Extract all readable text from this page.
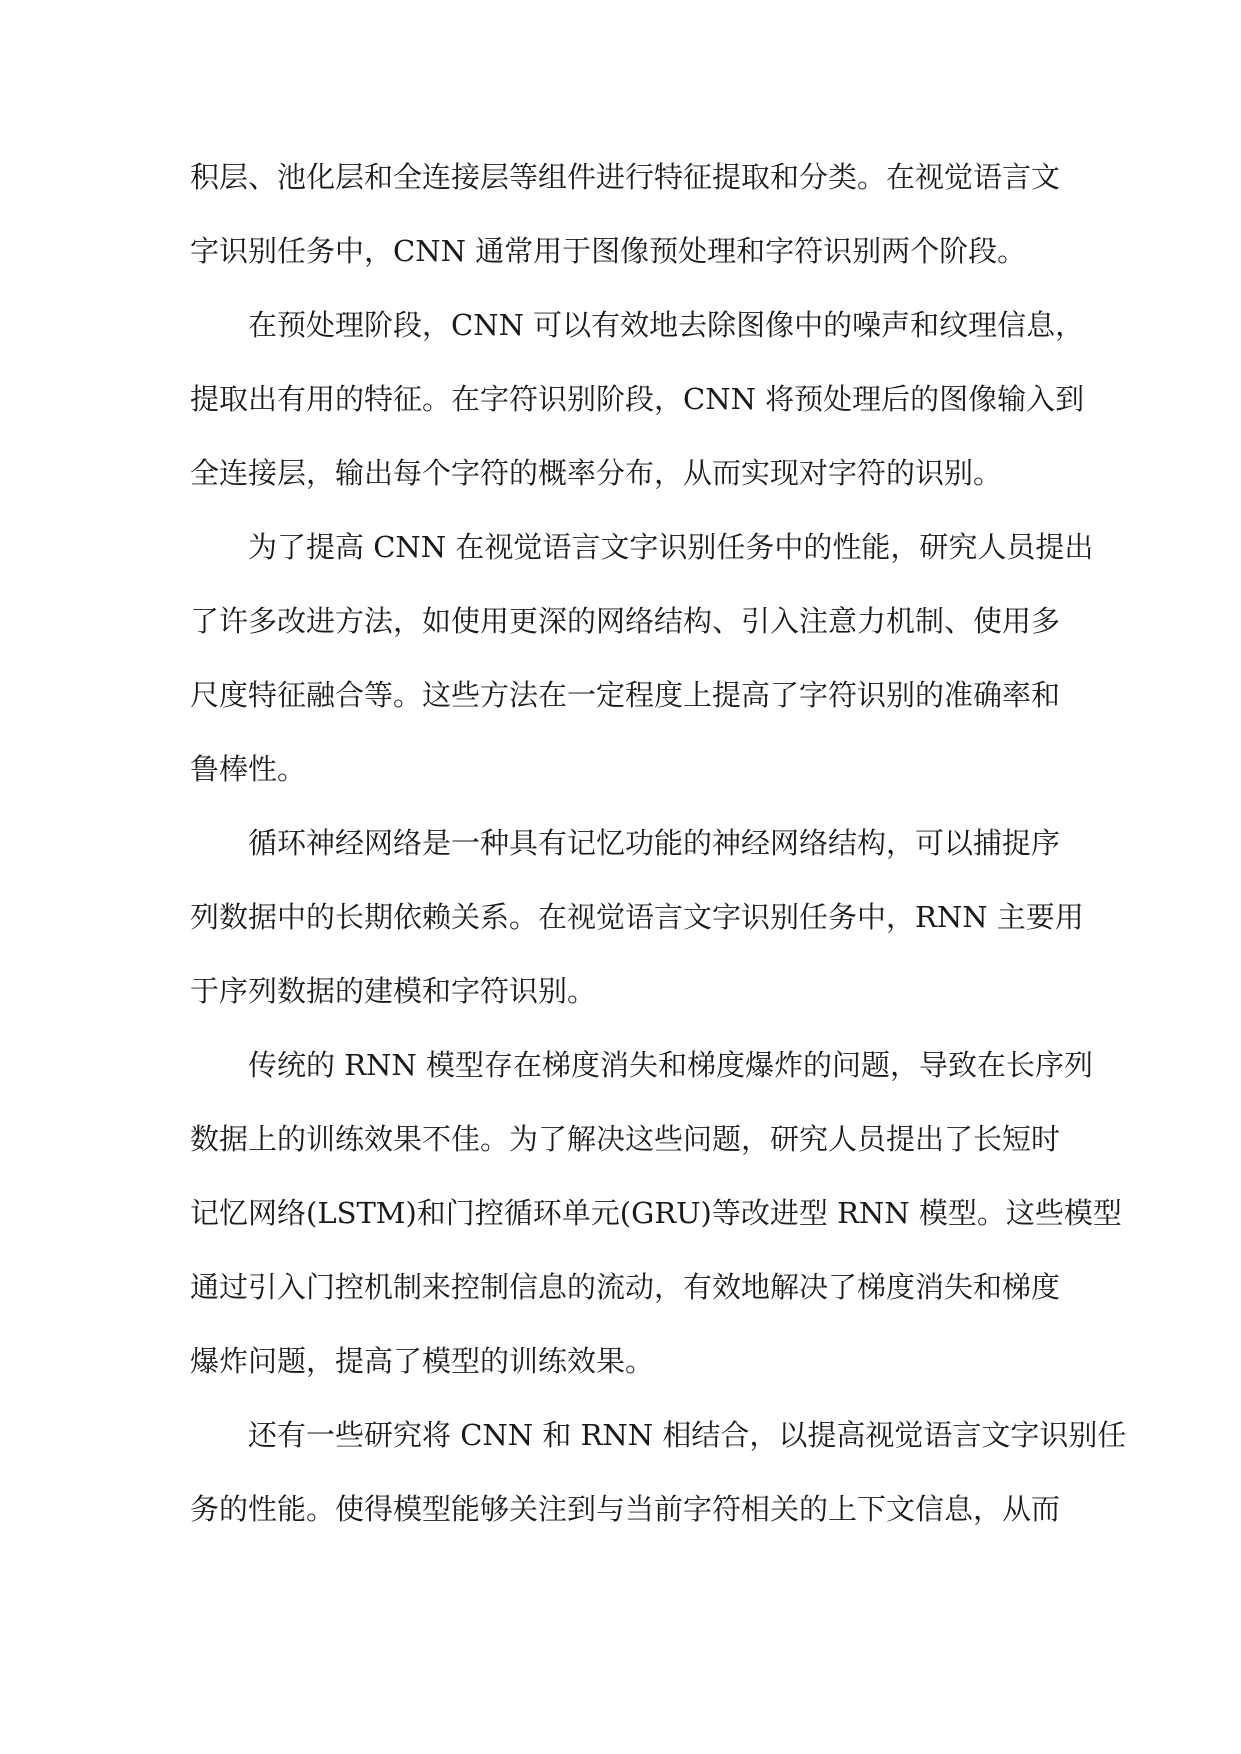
积层、池化层和全连接层等组件进行特征提取和分类。在视觉语言文
字识别任务中，CNN 通常用于图像预处理和字符识别两个阶段。
在预处理阶段，CNN 可以有效地去除图像中的噪声和纹理信息，
提取出有用的特征。在字符识别阶段，CNN 将预处理后的图像输入到
全连接层，输出每个字符的概率分布，从而实现对字符的识别。
为了提高 CNN 在视觉语言文字识别任务中的性能，研究人员提出
了许多改进方法，如使用更深的网络结构、引入注意力机制、使用多
尺度特征融合等。这些方法在一定程度上提高了字符识别的准确率和
鲁棒性。
循环神经网络是一种具有记忆功能的神经网络结构，可以捕捉序
列数据中的长期依赖关系。在视觉语言文字识别任务中，RNN 主要用
于序列数据的建模和字符识别。
传统的 RNN 模型存在梯度消失和梯度爆炸的问题，导致在长序列
数据上的训练效果不佳。为了解决这些问题，研究人员提出了长短时
记忆网络(LSTM)和门控循环单元(GRU)等改进型 RNN 模型。这些模型
通过引入门控机制来控制信息的流动，有效地解决了梯度消失和梯度
爆炸问题，提高了模型的训练效果。
还有一些研究将 CNN 和 RNN 相结合，以提高视觉语言文字识别任
务的性能。使得模型能够关注到与当前字符相关的上下文信息，从而
